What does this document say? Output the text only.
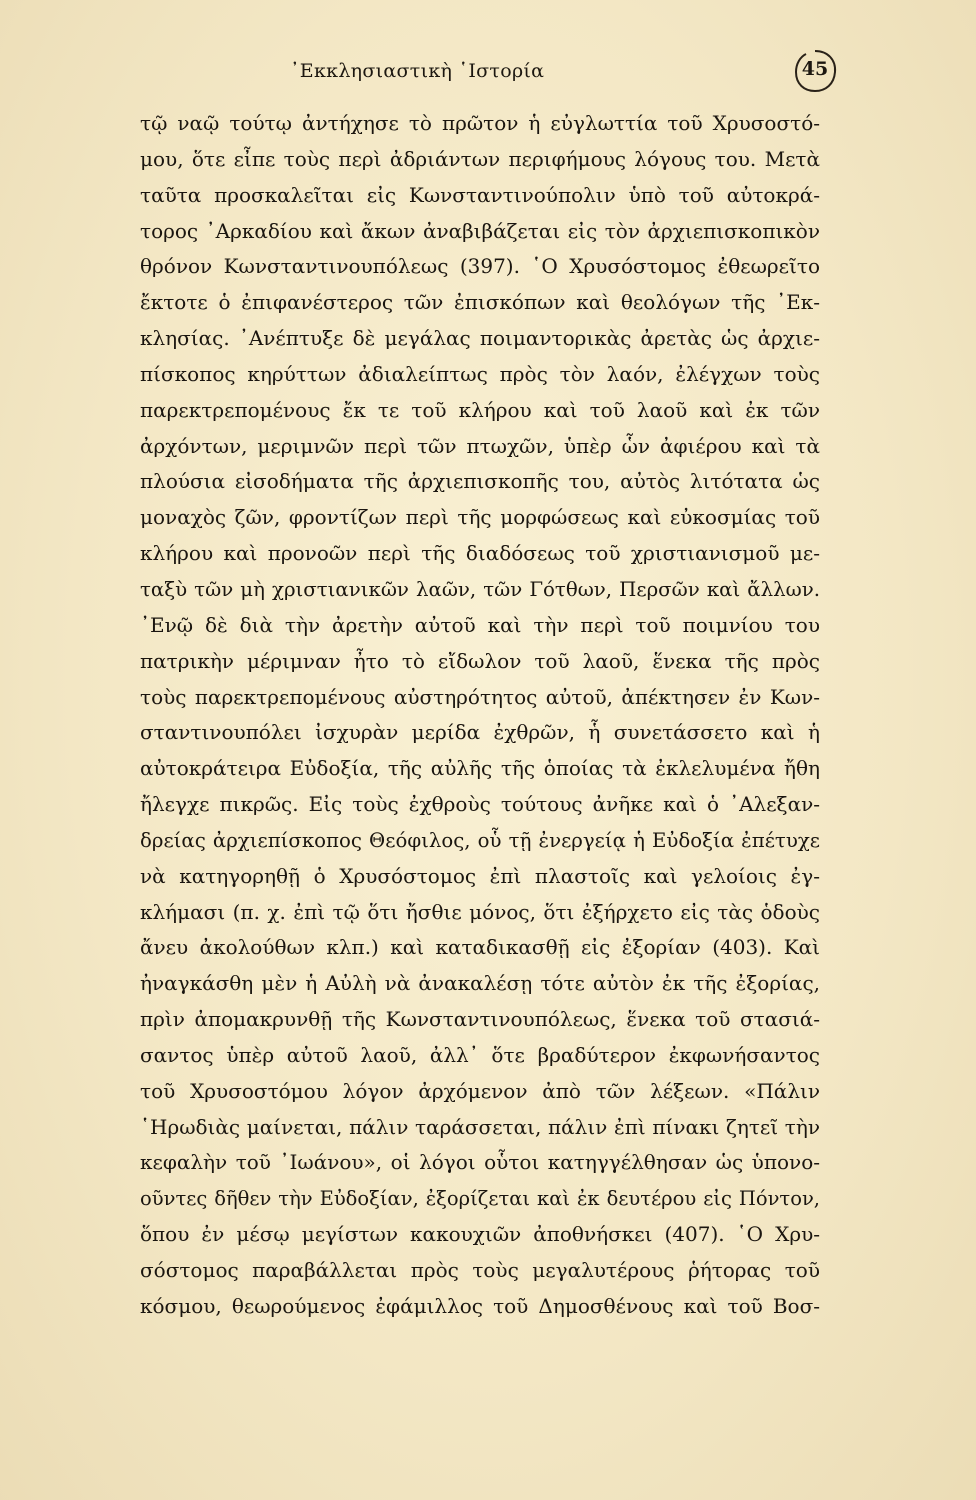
᾿Εκκλησιαστικὴ ῾Ιστορία	45
τῷ ναῷ τούτῳ ἀντήχησε τὸ πρῶτον ἡ εὐγλωττία τοῦ Χρυσοστό-
μου, ὅτε εἶπε τοὺς περὶ ἀδριάντων περιφήμους λόγους του. Μετὰ
ταῦτα προσκαλεῖται εἰς Κωνσταντινούπολιν ὑπὸ τοῦ αὐτοκρά-
τορος ᾿Αρκαδίου καὶ ἄκων ἀναβιβάζεται εἰς τὸν ἀρχιεπισκοπικὸν
θρόνον Κωνσταντινουπόλεως (397). ῾Ο Χρυσόστομος ἐθεωρεῖτο
ἔκτοτε ὁ ἐπιφανέστερος τῶν ἐπισκόπων καὶ θεολόγων τῆς ᾿Εκ-
κλησίας. ᾿Ανέπτυξε δὲ μεγάλας ποιμαντορικὰς ἀρετὰς ὡς ἀρχιε-
πίσκοπος κηρύττων ἀδιαλείπτως πρὸς τὸν λαόν, ἐλέγχων τοὺς
παρεκτρεπομένους ἔκ τε τοῦ κλήρου καὶ τοῦ λαοῦ καὶ ἐκ τῶν
ἀρχόντων, μεριμνῶν περὶ τῶν πτωχῶν, ὑπὲρ ὧν ἀφιέρου καὶ τὰ
πλούσια εἰσοδήματα τῆς ἀρχιεπισκοπῆς του, αὐτὸς λιτότατα ὡς
μοναχὸς ζῶν, φροντίζων περὶ τῆς μορφώσεως καὶ εὐκοσμίας τοῦ
κλήρου καὶ προνοῶν περὶ τῆς διαδόσεως τοῦ χριστιανισμοῦ με-
ταξὺ τῶν μὴ χριστιανικῶν λαῶν, τῶν Γότθων, Περσῶν καὶ ἄλλων.
᾿Ενῷ δὲ διὰ τὴν ἀρετὴν αὐτοῦ καὶ τὴν περὶ τοῦ ποιμνίου του
πατρικὴν μέριμναν ἦτο τὸ εἴδωλον τοῦ λαοῦ, ἕνεκα τῆς πρὸς
τοὺς παρεκτρεπομένους αὐστηρότητος αὐτοῦ, ἀπέκτησεν ἐν Κων-
σταντινουπόλει ἰσχυρὰν μερίδα ἐχθρῶν, ἧ συνετάσσετο καὶ ἡ
αὐτοκράτειρα Εὐδοξία, τῆς αὐλῆς τῆς ὁποίας τὰ ἐκλελυμένα ἤθη
ἤλεγχε πικρῶς. Εἰς τοὺς ἐχθροὺς τούτους ἀνῆκε καὶ ὁ ᾿Αλεξαν-
δρείας ἀρχιεπίσκοπος Θεόφιλος, οὗ τῇ ἐνεργείᾳ ἡ Εὐδοξία ἐπέτυχε
νὰ κατηγορηθῇ ὁ Χρυσόστομος ἐπὶ πλαστοῖς καὶ γελοίοις ἐγ-
κλήμασι (π. χ. ἐπὶ τῷ ὅτι ἤσθιε μόνος, ὅτι ἐξήρχετο εἰς τὰς ὁδοὺς
ἄνευ ἀκολούθων κλπ.) καὶ καταδικασθῇ εἰς ἐξορίαν (403). Καὶ
ἠναγκάσθη μὲν ἡ Αὐλὴ νὰ ἀνακαλέσῃ τότε αὐτὸν ἐκ τῆς ἐξορίας,
πρὶν ἀπομακρυνθῇ τῆς Κωνσταντινουπόλεως, ἕνεκα τοῦ στασιά-
σαντος ὑπὲρ αὐτοῦ λαοῦ, ἀλλ᾿ ὅτε βραδύτερον ἐκφωνήσαντος
τοῦ Χρυσοστόμου λόγον ἀρχόμενον ἀπὸ τῶν λέξεων. «Πάλιν
῾Ηρωδιὰς μαίνεται, πάλιν ταράσσεται, πάλιν ἐπὶ πίνακι ζητεῖ τὴν
κεφαλὴν τοῦ ᾿Ιωάνου», οἱ λόγοι οὗτοι κατηγγέλθησαν ὡς ὑπονο-
οῦντες δῆθεν τὴν Εὐδοξίαν, ἐξορίζεται καὶ ἐκ δευτέρου εἰς Πόντον,
ὅπου ἐν μέσῳ μεγίστων κακουχιῶν ἀποθνήσκει (407). ῾Ο Χρυ-
σόστομος παραβάλλεται πρὸς τοὺς μεγαλυτέρους ῥήτορας τοῦ
κόσμου, θεωρούμενος ἐφάμιλλος τοῦ Δημοσθένους καὶ τοῦ Βοσ-
